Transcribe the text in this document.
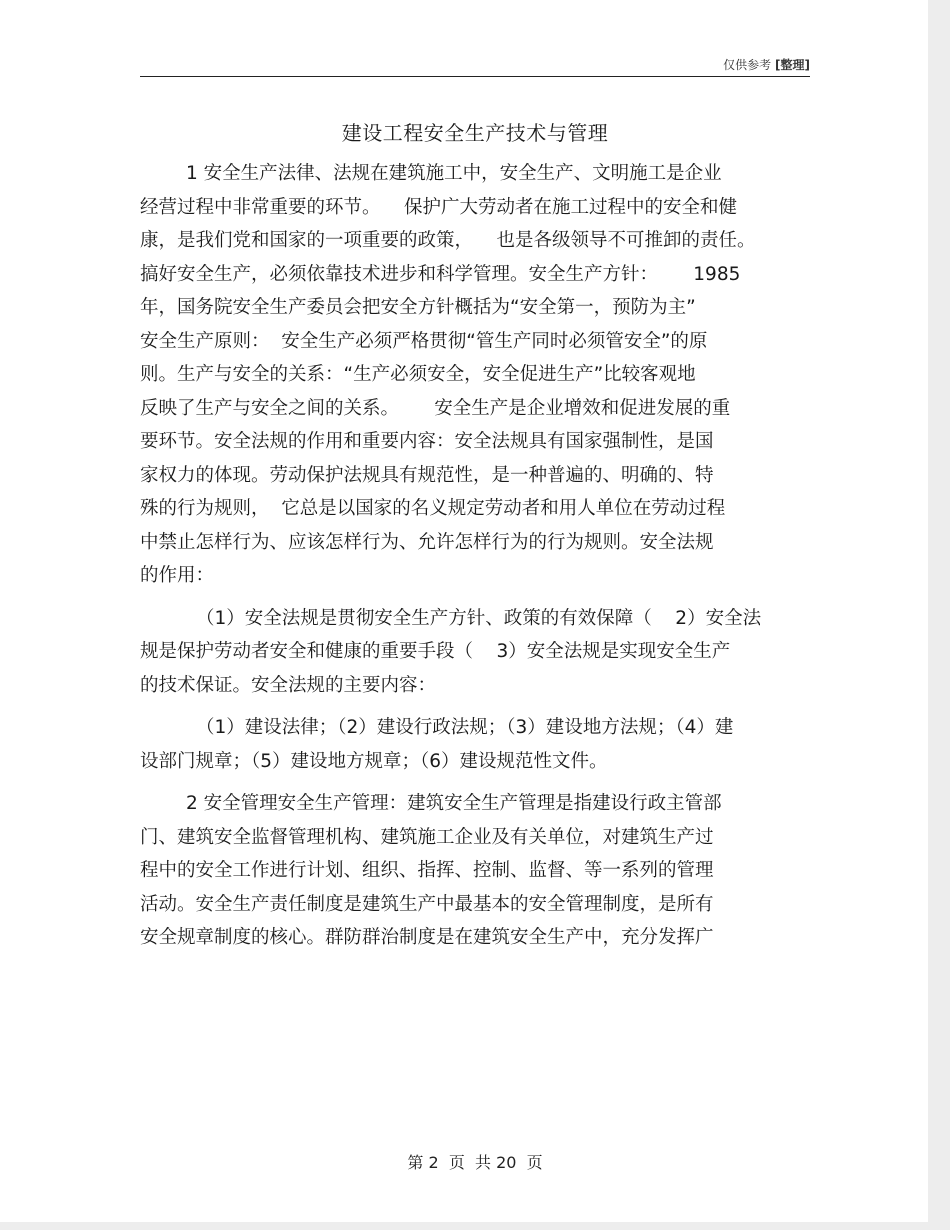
仅供参考 [整理]
建设工程安全生产技术与管理
1 安全生产法律、法规在建筑施工中，安全生产、文明施工是企业
经营过程中非常重要的环节。    保护广大劳动者在施工过程中的安全和健
康，是我们党和国家的一项重要的政策，    也是各级领导不可推卸的责任。
搞好安全生产，必须依靠技术进步和科学管理。安全生产方针：      1985
年，国务院安全生产委员会把安全方针概括为“安全第一，预防为主”
安全生产原则：  安全生产必须严格贯彻“管生产同时必须管安全”的原
则。生产与安全的关系：“生产必须安全，安全促进生产”比较客观地
反映了生产与安全之间的关系。      安全生产是企业增效和促进发展的重
要环节。安全法规的作用和重要内容：安全法规具有国家强制性，是国
家权力的体现。劳动保护法规具有规范性，是一种普遍的、明确的、特
殊的行为规则，  它总是以国家的名义规定劳动者和用人单位在劳动过程
中禁止怎样行为、应该怎样行为、允许怎样行为的行为规则。安全法规
的作用：
（1）安全法规是贯彻安全生产方针、政策的有效保障（    2）安全法
规是保护劳动者安全和健康的重要手段（    3）安全法规是实现安全生产
的技术保证。安全法规的主要内容：
（1）建设法律；（2）建设行政法规；（3）建设地方法规；（4）建
设部门规章；（5）建设地方规章；（6）建设规范性文件。
2 安全管理安全生产管理：建筑安全生产管理是指建设行政主管部
门、建筑安全监督管理机构、建筑施工企业及有关单位，对建筑生产过
程中的安全工作进行计划、组织、指挥、控制、监督、等一系列的管理
活动。安全生产责任制度是建筑生产中最基本的安全管理制度，是所有
安全规章制度的核心。群防群治制度是在建筑安全生产中，充分发挥广
第 2  页  共 20  页
